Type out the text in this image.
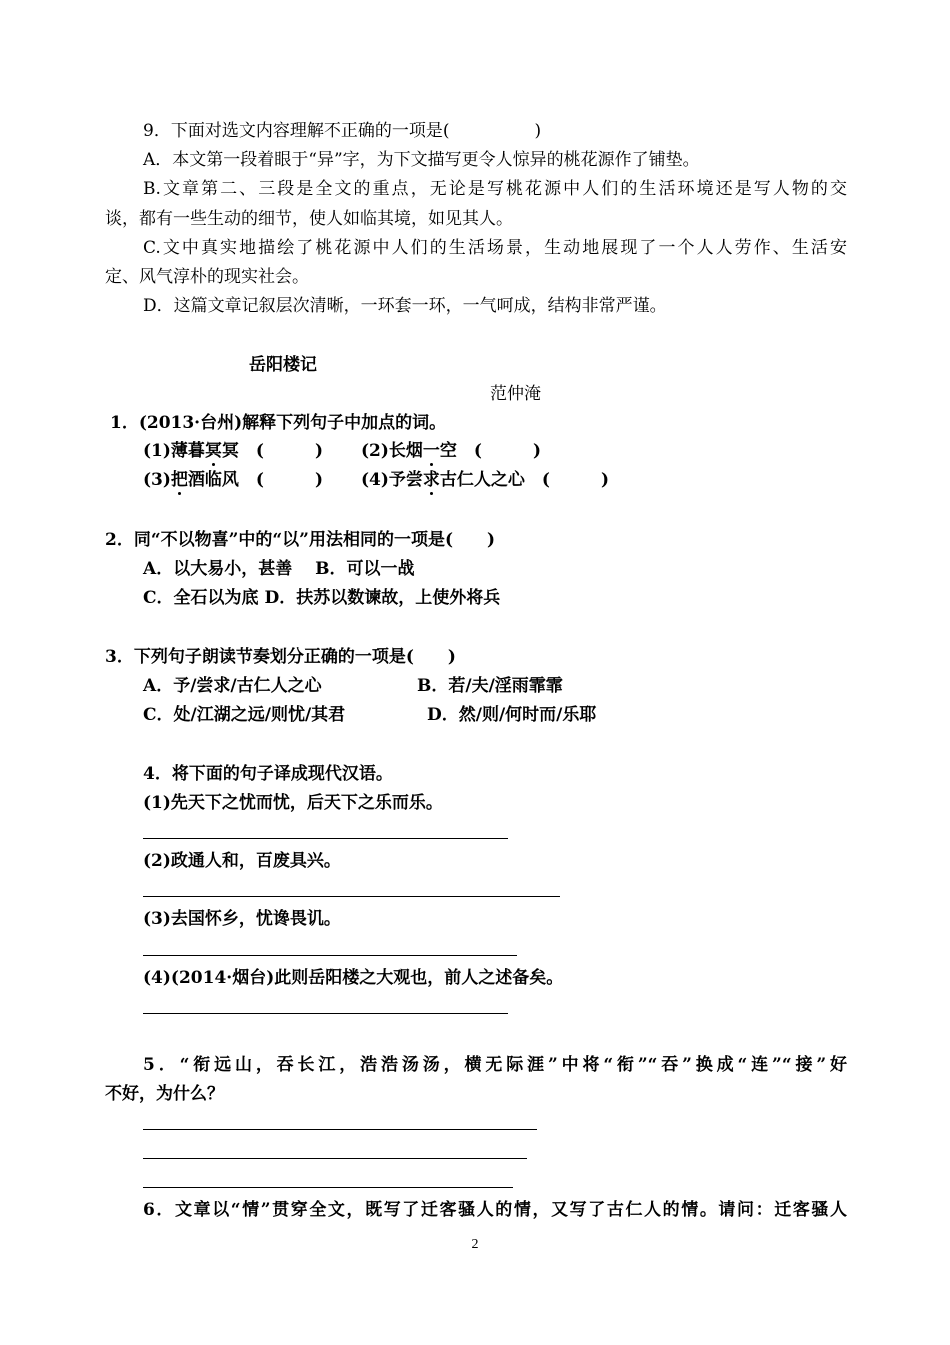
9．下面对选文内容理解不正确的一项是(　　　　　)
A．本文第一段着眼于“异”字，为下文描写更令人惊异的桃花源作了铺垫。
B.文章第二、三段是全文的重点，无论是写桃花源中人们的生活环境还是写人物的交
谈，都有一些生动的细节，使人如临其境，如见其人。
C.文中真实地描绘了桃花源中人们的生活场景，生动地展现了一个人人劳作、生活安
定、风气淳朴的现实社会。
D．这篇文章记叙层次清晰，一环套一环，一气呵成，结构非常严谨。
岳阳楼记
范仲淹
1．(2013·台州)解释下列句子中加点的词。
(1)薄暮冥冥　(　　　) (2)长烟一空　(　　　)
(3)把酒临风　(　　　) (4)予尝求古仁人之心　(　　　)
2．同“不以物喜”中的“以”用法相同的一项是(　　)
A．以大易小，甚善　 B．可以一战
C．全石以为底 D．扶苏以数谏故，上使外将兵
3．下列句子朗读节奏划分正确的一项是(　　)
A．予/尝求/古仁人之心	B．若/夫/淫雨霏霏
C．处/江湖之远/则忧/其君	D．然/则/何时而/乐耶
4．将下面的句子译成现代汉语。
(1)先天下之忧而忧，后天下之乐而乐。
(2)政通人和，百废具兴。
(3)去国怀乡，忧谗畏讥。
(4)(2014·烟台)此则岳阳楼之大观也，前人之述备矣。
5．“衔远山，吞长江，浩浩汤汤，横无际涯”中将“衔”“吞”换成“连”“接”好
不好，为什么？
6．文章以“情”贯穿全文，既写了迁客骚人的情，又写了古仁人的情。请问：迁客骚人
2
